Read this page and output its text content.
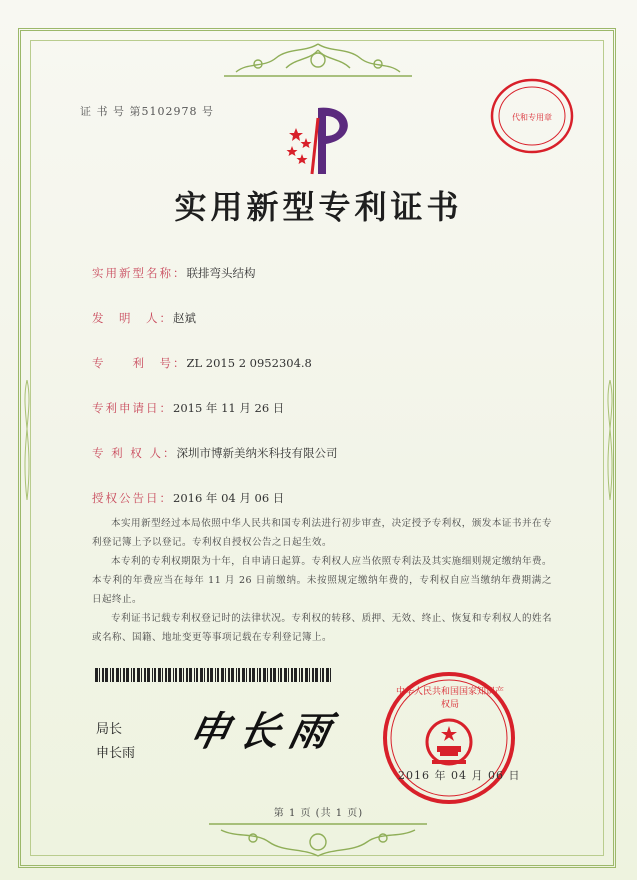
证 书 号 第5102978 号	代和专用章
实用新型专利证书
实用新型名称：联排弯头结构
发　明　人：赵斌
专　　利　号：ZL 2015 2 0952304.8
专利申请日：2015 年 11 月 26 日
专 利 权 人：深圳市博新美纳米科技有限公司
授权公告日：2016 年 04 月 06 日
本实用新型经过本局依照中华人民共和国专利法进行初步审查，决定授予专利权，颁发本证书并在专利登记簿上予以登记。专利权自授权公告之日起生效。
本专利的专利权期限为十年，自申请日起算。专利权人应当依照专利法及其实施细则规定缴纳年费。本专利的年费应当在每年 11 月 26 日前缴纳。未按照规定缴纳年费的，专利权自应当缴纳年费期满之日起终止。
专利证书记载专利权登记时的法律状况。专利权的转移、质押、无效、终止、恢复和专利权人的姓名或名称、国籍、地址变更等事项记载在专利登记簿上。
中华人民共和国国家知识产权局
局长
申长雨 申长雨
2016 年 04 月 06 日
第 1 页 (共 1 页)
